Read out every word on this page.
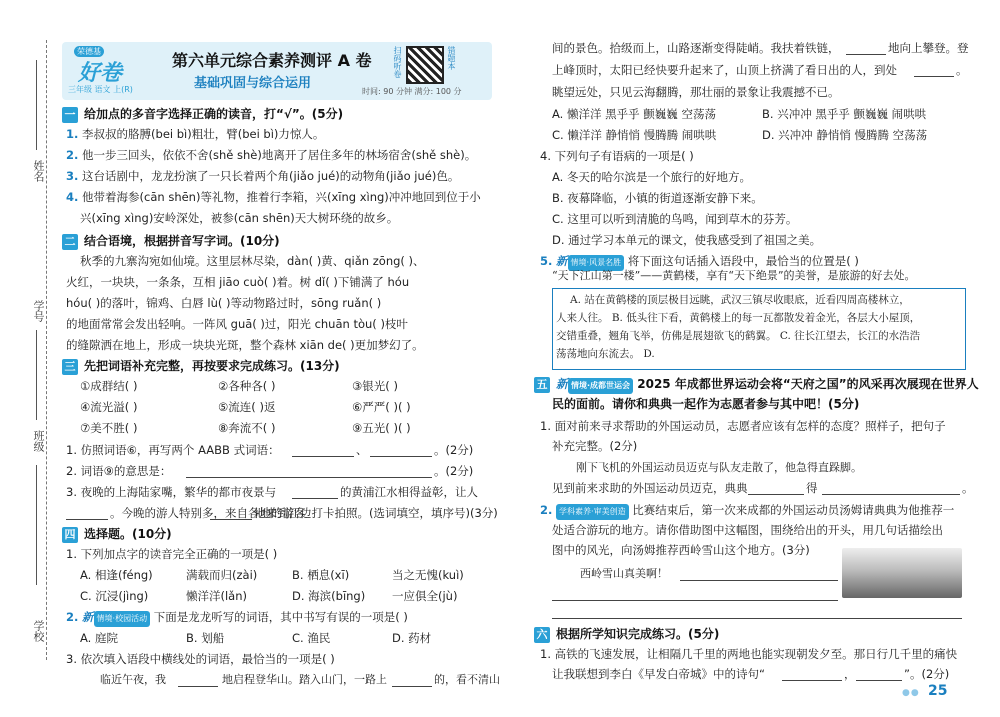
姓名
学号
班级
学校
荣德基
好卷
三年级 语文 上(R)
第六单元综合素养测评 A 卷
基础巩固与综合运用
时间: 90 分钟 满分: 100 分
扫码听卷	错题本
一 给加点的多音字选择正确的读音，打“√”。(5分)
1. 李叔叔的胳膊(bei bì)粗壮，臂(bei bì)力惊人。
2. 他一步三回头，依依不舍(shě shè)地离开了居住多年的林场宿舍(shě shè)。
3. 这台话剧中，龙龙扮演了一只长着两个角(jiǎo jué)的动物角(jiǎo jué)色。
4. 他带着海参(cān shēn)等礼物，推着行李箱，兴(xīng xìng)冲冲地回到位于小
兴(xīng xìng)安岭深处，被参(cān shēn)天大树环绕的故乡。
二 结合语境，根据拼音写字词。(10分)
秋季的九寨沟宛如仙境。这里层林尽染，dàn( )黄、qiǎn zōng( )、
火红，一块块，一条条，互相 jiāo cuò( )着。树 dǐ( )下铺满了 hóu
hóu( )的落叶，锦鸡、白唇 lù( )等动物路过时，sōng ruǎn( )
的地面常常会发出轻响。一阵风 guā( )过，阳光 chuān tòu( )枝叶
的缝隙洒在地上，形成一块块光斑，整个森林 xiān de( )更加梦幻了。
三 先把词语补充完整，再按要求完成练习。(13分)
①成群结( )	②各种各( )	③银光( )
④流光溢( )	⑤流连( )返	⑥严严( )( )
⑦美不胜( )	⑧奔流不( )	⑨五光( )( )
1. 仿照词语⑥，再写两个 AABB 式词语：	、	。(2分)
2. 词语⑨的意思是：	。(2分)
3. 夜晚的上海陆家嘴，繁华的都市夜景与	的黄浦江水相得益彰，让人
。今晚的游人特别多，来自各地的游客
地来到江边打卡拍照。(选词填空，填序号)(3分)
四 选择题。(10分)
1. 下列加点字的读音完全正确的一项是( )
A. 相逢(féng)	满载而归(zài)	B. 栖息(xī)	当之无愧(kuì)
C. 沉浸(jìng)	懒洋洋(lǎn)	D. 海滨(bīng) 一应俱全(jù)
2. 新 情境·校园活动 下面是龙龙听写的词语，其中书写有误的一项是( )
A. 庭院	B. 划船	C. 渔民	D. 药材
3. 依次填入语段中横线处的词语，最恰当的一项是( )
临近午夜，我	地启程登华山。踏入山门，一路上	的，看不清山
间的景色。拾级而上，山路逐渐变得陡峭。我扶着铁链，	地向上攀登。登
上峰顶时，太阳已经快要升起来了，山顶上挤满了看日出的人，到处	。
眺望远处，只见云海翻腾，那壮丽的景象让我震撼不已。
A. 懒洋洋 黑乎乎 颤巍巍 空荡荡	B. 兴冲冲 黑乎乎 颤巍巍 闹哄哄
C. 懒洋洋 静悄悄 慢腾腾 闹哄哄	D. 兴冲冲 静悄悄 慢腾腾 空荡荡
4. 下列句子有语病的一项是( )
A. 冬天的哈尔滨是一个旅行的好地方。
B. 夜幕降临，小镇的街道逐渐安静下来。
C. 这里可以听到清脆的鸟鸣，闻到草木的芬芳。
D. 通过学习本单元的课文，使我感受到了祖国之美。
5. 新 情境·风景名胜 将下面这句话插入语段中，最恰当的位置是( )
“天下江山第一楼”——黄鹤楼，享有“天下绝景”的美誉，是旅游的好去处。
A. 站在黄鹤楼的顶层极目远眺，武汉三镇尽收眼底，近看四周高楼林立，
人来人往。 B. 低头往下看，黄鹤楼上的每一瓦都散发着金光，各层大小屋顶，
交错重叠，翘角飞举，仿佛是展翅欲飞的鹤翼。 C. 往长江望去，长江的水浩浩
荡荡地向东流去。 D.
五 新 情境·成都世运会 2025 年成都世界运动会将“天府之国”的风采再次展现在世界人
民的面前。请你和典典一起作为志愿者参与其中吧！(5分)
1. 面对前来寻求帮助的外国运动员，志愿者应该有怎样的态度？照样子，把句子
补充完整。(2分)
刚下飞机的外国运动员迈克与队友走散了，他急得直跺脚。
见到前来求助的外国运动员迈克，典典	得	。
2. 学科素养·审美创造 比赛结束后，第一次来成都的外国运动员汤姆请典典为他推荐一
处适合游玩的地方。请你借助图中这幅图，围绕给出的开头，用几句话描绘出
图中的风光，向汤姆推荐西岭雪山这个地方。(3分)
西岭雪山真美啊！
六 根据所学知识完成练习。(5分)
1. 高铁的飞速发展，让相隔几千里的两地也能实现朝发夕至。那日行几千里的痛快
让我联想到李白《早发白帝城》中的诗句“	，	”。(2分)
●● 25
